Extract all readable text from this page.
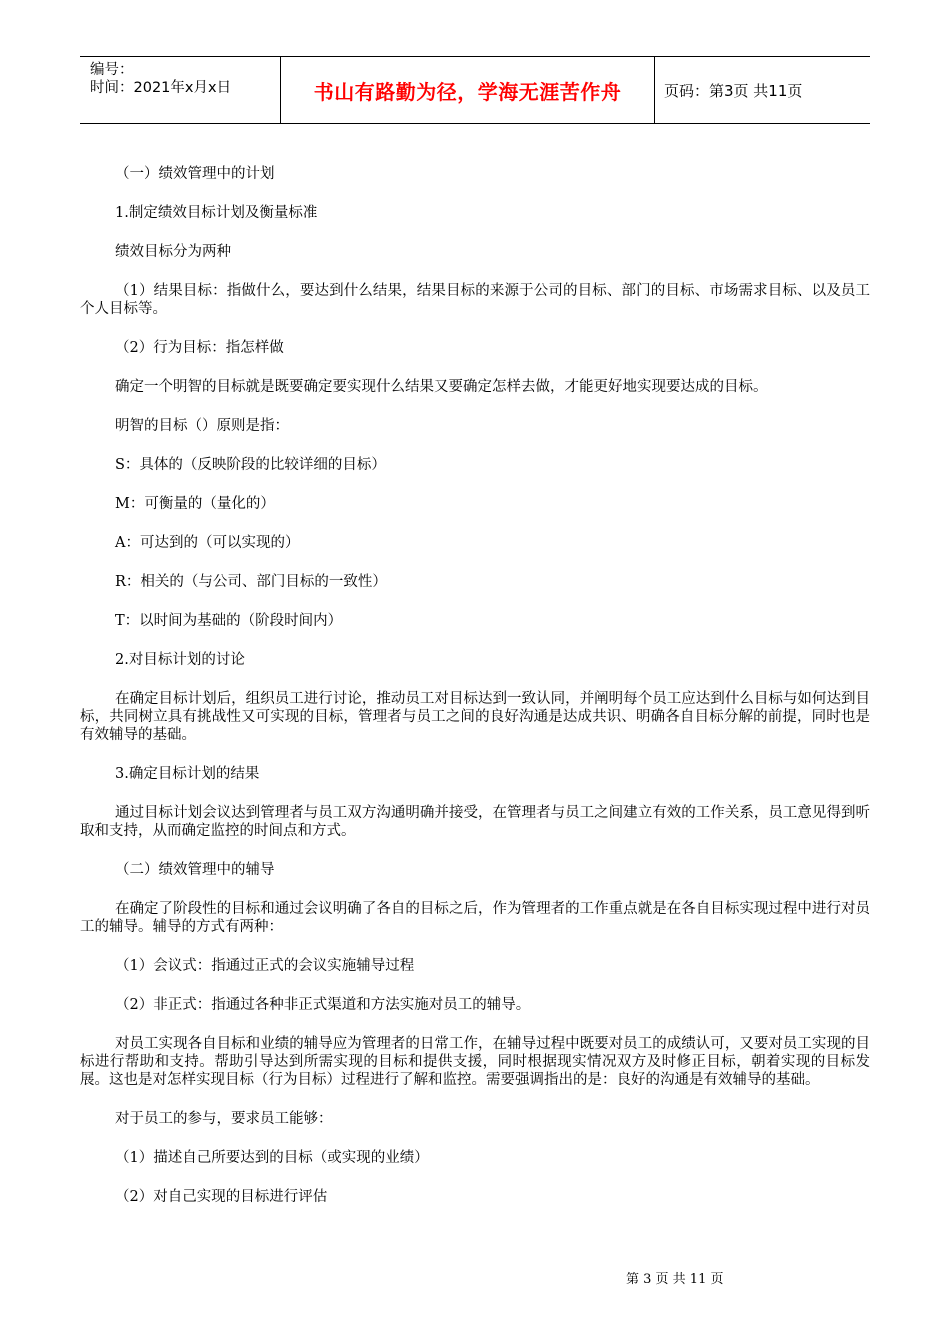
编号：
时间：2021年x月x日	书山有路勤为径，学海无涯苦作舟	页码：第3页 共11页

（一）绩效管理中的计划

1.制定绩效目标计划及衡量标准

绩效目标分为两种

（1）结果目标：指做什么，要达到什么结果，结果目标的来源于公司的目标、部门的目标、市场需求目标、以及员工个人目标等。

（2）行为目标：指怎样做

确定一个明智的目标就是既要确定要实现什么结果又要确定怎样去做，才能更好地实现要达成的目标。

明智的目标（）原则是指：

S：具体的（反映阶段的比较详细的目标）

M：可衡量的（量化的）

A：可达到的（可以实现的）

R：相关的（与公司、部门目标的一致性）

T：以时间为基础的（阶段时间内）

2.对目标计划的讨论

在确定目标计划后，组织员工进行讨论，推动员工对目标达到一致认同，并阐明每个员工应达到什么目标与如何达到目标，共同树立具有挑战性又可实现的目标，管理者与员工之间的良好沟通是达成共识、明确各自目标分解的前提，同时也是有效辅导的基础。

3.确定目标计划的结果

通过目标计划会议达到管理者与员工双方沟通明确并接受，在管理者与员工之间建立有效的工作关系，员工意见得到听取和支持，从而确定监控的时间点和方式。

（二）绩效管理中的辅导

在确定了阶段性的目标和通过会议明确了各自的目标之后，作为管理者的工作重点就是在各自目标实现过程中进行对员工的辅导。辅导的方式有两种：

（1）会议式：指通过正式的会议实施辅导过程

（2）非正式：指通过各种非正式渠道和方法实施对员工的辅导。

对员工实现各自目标和业绩的辅导应为管理者的日常工作，在辅导过程中既要对员工的成绩认可，又要对员工实现的目标进行帮助和支持。帮助引导达到所需实现的目标和提供支援，同时根据现实情况双方及时修正目标，朝着实现的目标发展。这也是对怎样实现目标（行为目标）过程进行了解和监控。需要强调指出的是：良好的沟通是有效辅导的基础。

对于员工的参与，要求员工能够：

（1）描述自己所要达到的目标（或实现的业绩）

（2）对自己实现的目标进行评估

第 3 页 共 11 页
